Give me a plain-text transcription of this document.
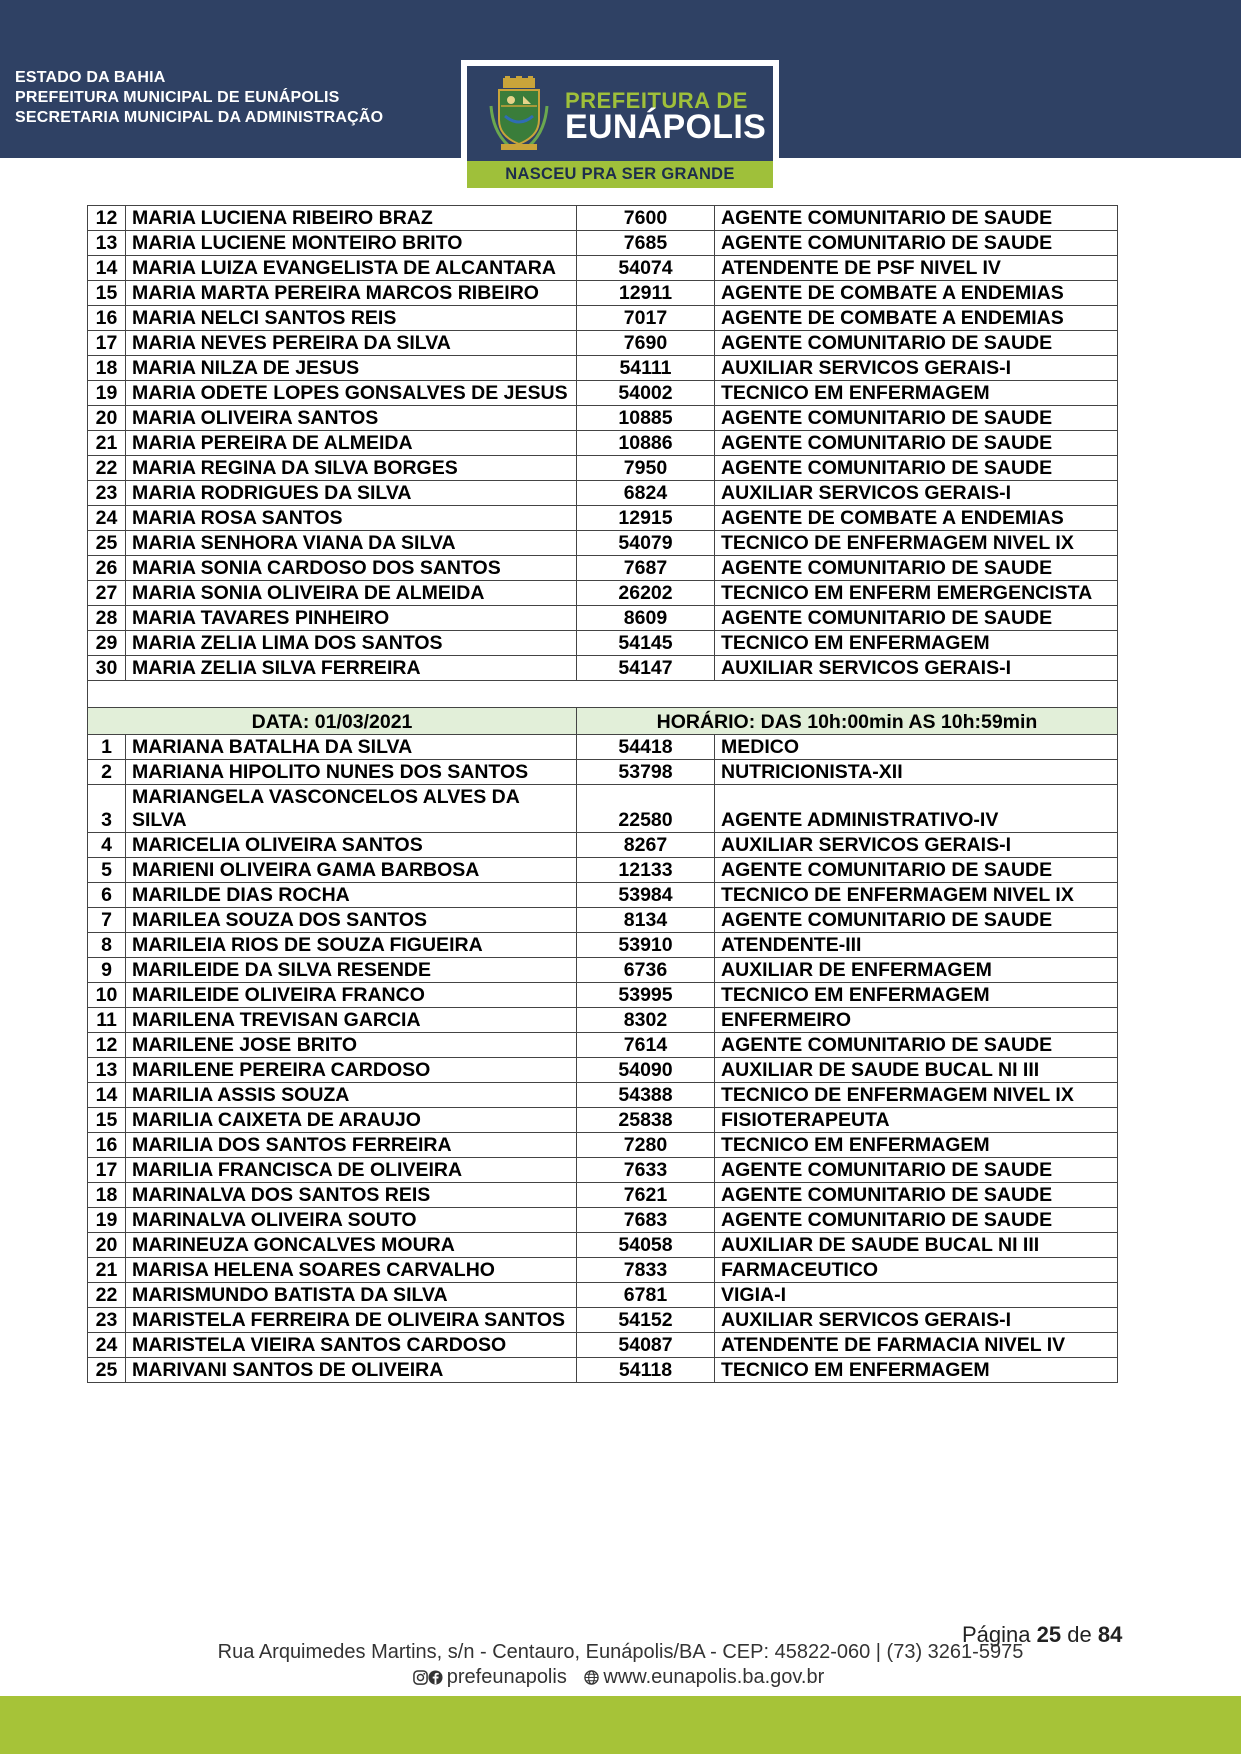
ESTADO DA BAHIA
PREFEITURA MUNICIPAL DE EUNÁPOLIS
SECRETARIA MUNICIPAL DA ADMINISTRAÇÃO
PREFEITURA DE
EUNÁPOLIS
NASCEU PRA SER GRANDE
12	MARIA LUCIENA RIBEIRO BRAZ	7600	AGENTE COMUNITARIO DE SAUDE
13	MARIA LUCIENE MONTEIRO BRITO	7685	AGENTE COMUNITARIO DE SAUDE
14	MARIA LUIZA EVANGELISTA DE ALCANTARA	54074	ATENDENTE DE PSF NIVEL IV
15	MARIA MARTA PEREIRA MARCOS RIBEIRO	12911	AGENTE DE COMBATE A ENDEMIAS
16	MARIA NELCI SANTOS REIS	7017	AGENTE DE COMBATE A ENDEMIAS
17	MARIA NEVES PEREIRA DA SILVA	7690	AGENTE COMUNITARIO DE SAUDE
18	MARIA NILZA DE JESUS	54111	AUXILIAR SERVICOS GERAIS-I
19	MARIA ODETE LOPES GONSALVES DE JESUS	54002	TECNICO EM ENFERMAGEM
20	MARIA OLIVEIRA SANTOS	10885	AGENTE COMUNITARIO DE SAUDE
21	MARIA PEREIRA DE ALMEIDA	10886	AGENTE COMUNITARIO DE SAUDE
22	MARIA REGINA DA SILVA BORGES	7950	AGENTE COMUNITARIO DE SAUDE
23	MARIA RODRIGUES DA SILVA	6824	AUXILIAR SERVICOS GERAIS-I
24	MARIA ROSA SANTOS	12915	AGENTE DE COMBATE A ENDEMIAS
25	MARIA SENHORA VIANA DA SILVA	54079	TECNICO DE ENFERMAGEM NIVEL IX
26	MARIA SONIA CARDOSO DOS SANTOS	7687	AGENTE COMUNITARIO DE SAUDE
27	MARIA SONIA OLIVEIRA DE ALMEIDA	26202	TECNICO EM ENFERM EMERGENCISTA
28	MARIA TAVARES PINHEIRO	8609	AGENTE COMUNITARIO DE SAUDE
29	MARIA ZELIA LIMA DOS SANTOS	54145	TECNICO EM ENFERMAGEM
30	MARIA ZELIA SILVA FERREIRA	54147	AUXILIAR SERVICOS GERAIS-I

DATA: 01/03/2021		HORÁRIO: DAS 10h:00min AS 10h:59min	
1	MARIANA BATALHA DA SILVA	54418	MEDICO
2	MARIANA HIPOLITO NUNES DOS SANTOS	53798	NUTRICIONISTA-XII
3	MARIANGELA VASCONCELOS ALVES DA SILVA	22580	AGENTE ADMINISTRATIVO-IV
4	MARICELIA OLIVEIRA SANTOS	8267	AUXILIAR SERVICOS GERAIS-I
5	MARIENI OLIVEIRA GAMA BARBOSA	12133	AGENTE COMUNITARIO DE SAUDE
6	MARILDE DIAS ROCHA	53984	TECNICO DE ENFERMAGEM NIVEL IX
7	MARILEA SOUZA DOS SANTOS	8134	AGENTE COMUNITARIO DE SAUDE
8	MARILEIA RIOS DE SOUZA FIGUEIRA	53910	ATENDENTE-III
9	MARILEIDE DA SILVA RESENDE	6736	AUXILIAR DE ENFERMAGEM
10	MARILEIDE OLIVEIRA FRANCO	53995	TECNICO EM ENFERMAGEM
11	MARILENA TREVISAN GARCIA	8302	ENFERMEIRO
12	MARILENE JOSE BRITO	7614	AGENTE COMUNITARIO DE SAUDE
13	MARILENE PEREIRA CARDOSO	54090	AUXILIAR DE SAUDE BUCAL NI III
14	MARILIA ASSIS SOUZA	54388	TECNICO DE ENFERMAGEM NIVEL IX
15	MARILIA CAIXETA DE ARAUJO	25838	FISIOTERAPEUTA
16	MARILIA DOS SANTOS FERREIRA	7280	TECNICO EM ENFERMAGEM
17	MARILIA FRANCISCA DE OLIVEIRA	7633	AGENTE COMUNITARIO DE SAUDE
18	MARINALVA DOS SANTOS REIS	7621	AGENTE COMUNITARIO DE SAUDE
19	MARINALVA OLIVEIRA SOUTO	7683	AGENTE COMUNITARIO DE SAUDE
20	MARINEUZA GONCALVES MOURA	54058	AUXILIAR DE SAUDE BUCAL NI III
21	MARISA HELENA SOARES CARVALHO	7833	FARMACEUTICO
22	MARISMUNDO BATISTA DA SILVA	6781	VIGIA-I
23	MARISTELA FERREIRA DE OLIVEIRA SANTOS	54152	AUXILIAR SERVICOS GERAIS-I
24	MARISTELA VIEIRA SANTOS CARDOSO	54087	ATENDENTE DE FARMACIA NIVEL IV
25	MARIVANI SANTOS DE OLIVEIRA	54118	TECNICO EM ENFERMAGEM
Página 25 de 84
Rua Arquimedes Martins, s/n - Centauro, Eunápolis/BA - CEP: 45822-060 | (73) 3261-5975
prefeunapolis www.eunapolis.ba.gov.br
